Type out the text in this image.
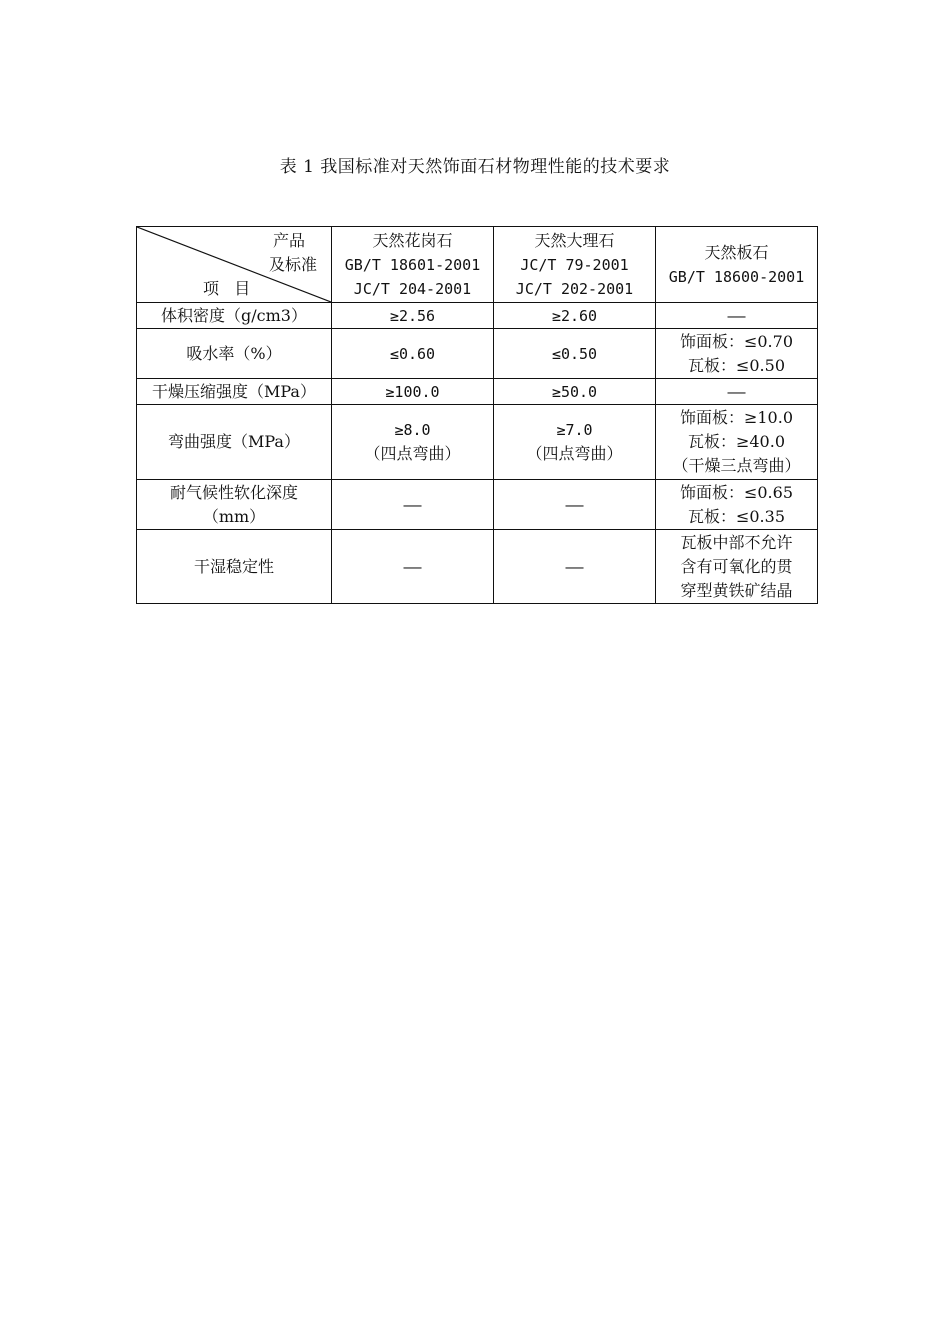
表 1 我国标准对天然饰面石材物理性能的技术要求
产品
及标准
项   目	天然花岗石
GB/T 18601-2001
JC/T 204-2001	天然大理石
JC/T 79-2001
JC/T 202-2001	天然板石
GB/T 18600-2001

体积密度（g/cm3）	≥2.56	≥2.60	——

吸水率（%）	≤0.60	≤0.50	饰面板：≤0.70
瓦板：≤0.50

干燥压缩强度（MPa）	≥100.0	≥50.0	——

弯曲强度（MPa）	≥8.0
（四点弯曲）	≥7.0
（四点弯曲）	饰面板：≥10.0
瓦板：≥40.0
（干燥三点弯曲）

耐气候性软化深度
（mm）	——	——	饰面板：≤0.65
瓦板：≤0.35

干湿稳定性	——	——	瓦板中部不允许
含有可氧化的贯
穿型黄铁矿结晶
